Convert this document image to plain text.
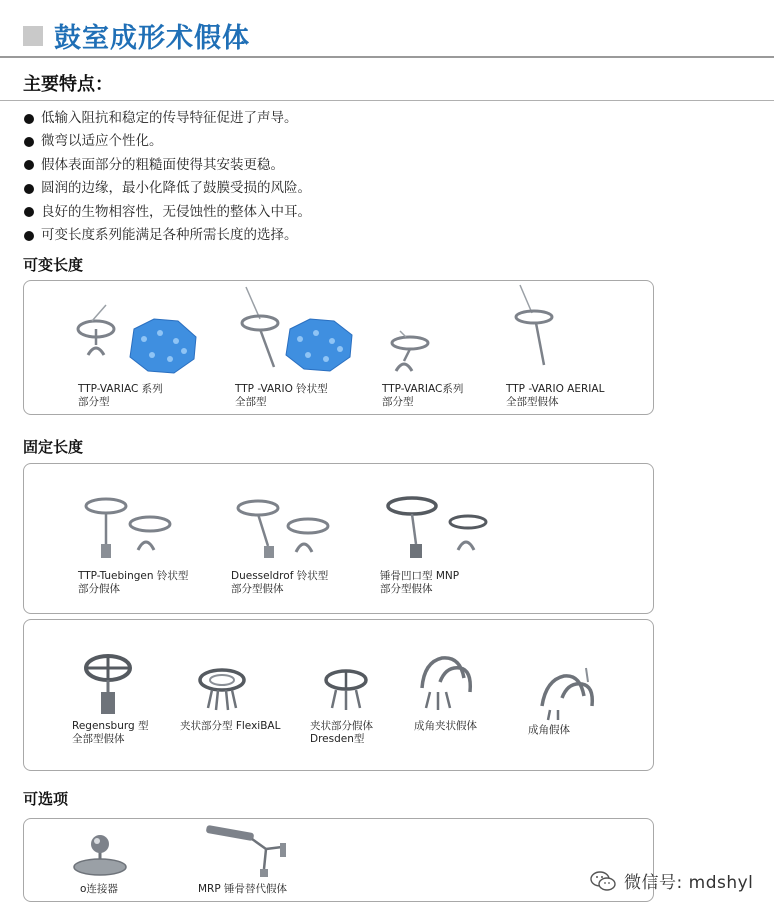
鼓室成形术假体
主要特点：
低输入阻抗和稳定的传导特征促进了声导。
微弯以适应个性化。
假体表面部分的粗糙面使得其安装更稳。
圆润的边缘，最小化降低了鼓膜受损的风险。
良好的生物相容性，无侵蚀性的整体入中耳。
可变长度系列能满足各种所需长度的选择。
可变长度
TTP-VARIAC 系列
部分型
TTP -VARIO 铃状型
全部型
TTP-VARIAC系列
部分型
TTP -VARIO AERIAL
全部型假体
固定长度
TTP-Tuebingen 铃状型
部分假体
Duesseldrof 铃状型
部分型假体
锤骨凹口型 MNP
部分型假体
Regensburg 型
全部型假体
夹状部分型 FlexiBAL	夹状部分假体
Dresden型
成角夹状假体	成角假体
可选项
o连接器	MRP 锤骨替代假体	微信号: mdshyl
